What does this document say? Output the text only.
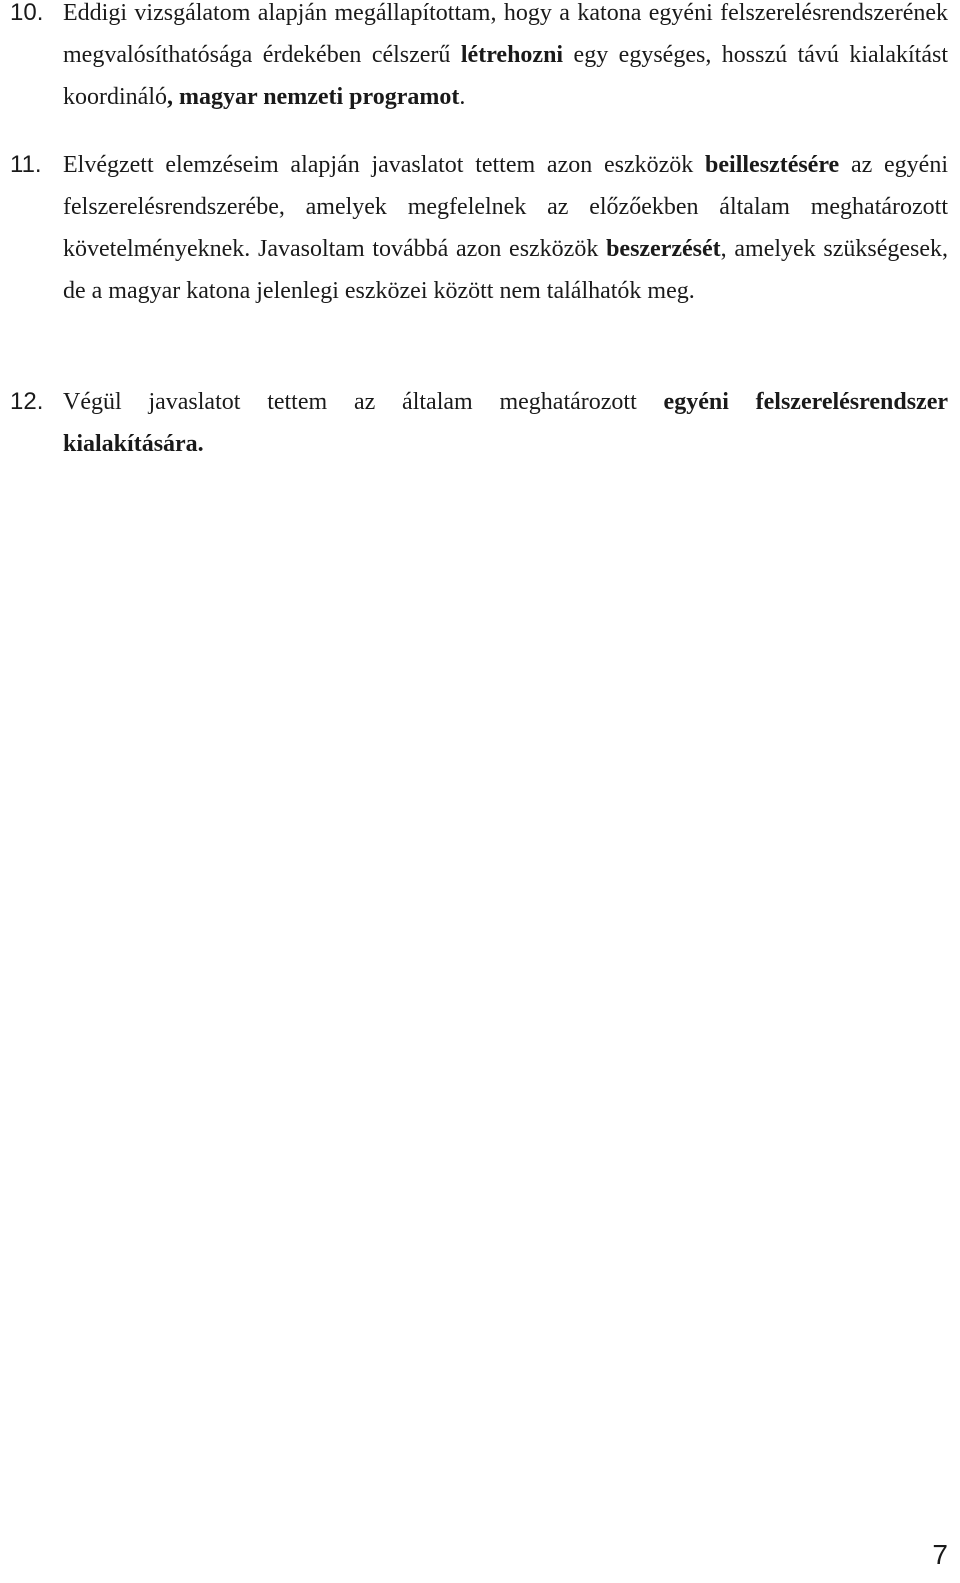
10. Eddigi vizsgálatom alapján megállapítottam, hogy a katona egyéni felszerelésrendszerének megvalósíthatósága érdekében célszerű létrehozni egy egységes, hosszú távú kialakítást koordináló, magyar nemzeti programot.
11. Elvégzett elemzéseim alapján javaslatot tettem azon eszközök beillesztésére az egyéni felszerelésrendszerébe, amelyek megfelelnek az előzőekben általam meghatározott követelményeknek. Javasoltam továbbá azon eszközök beszerzését, amelyek szükségesek, de a magyar katona jelenlegi eszközei között nem találhatók meg.
12. Végül javaslatot tettem az általam meghatározott egyéni felszerelésrendszer kialakítására.
7
